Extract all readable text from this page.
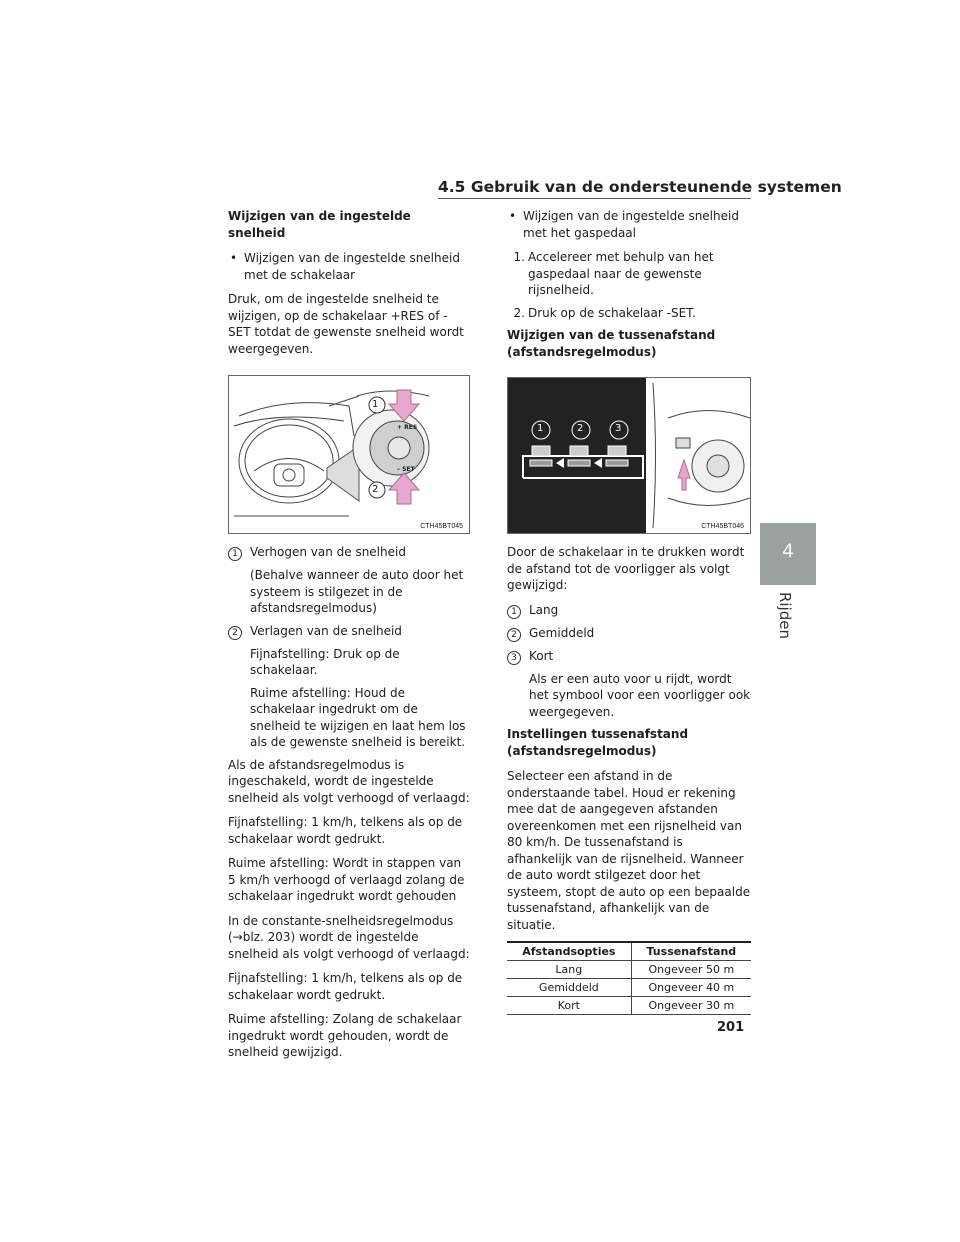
4.5 Gebruik van de ondersteunende systemen
4
Rijden
Wijzigen van de ingestelde snelheid
• Wijzigen van de ingestelde snelheid met de schakelaar
Druk, om de ingestelde snelheid te wijzigen, op de schakelaar +RES of -SET totdat de gewenste snelheid wordt weergegeven.
1
2
+ RES
– SET
CTH45BT045
1	Verhogen van de snelheid
(Behalve wanneer de auto door het systeem is stilgezet in de afstandsregelmodus)
2	Verlagen van de snelheid
Fijnafstelling: Druk op de schakelaar.
Ruime afstelling: Houd de schakelaar ingedrukt om de snelheid te wijzigen en laat hem los als de gewenste snelheid is bereikt.
Als de afstandsregelmodus is ingeschakeld, wordt de ingestelde snelheid als volgt verhoogd of verlaagd:
Fijnafstelling: 1 km/h, telkens als op de schakelaar wordt gedrukt.
Ruime afstelling: Wordt in stappen van 5 km/h verhoogd of verlaagd zolang de schakelaar ingedrukt wordt gehouden
In de constante-snelheidsregelmodus (→blz. 203) wordt de ingestelde snelheid als volgt verhoogd of verlaagd:
Fijnafstelling: 1 km/h, telkens als op de schakelaar wordt gedrukt.
Ruime afstelling: Zolang de schakelaar ingedrukt wordt gehouden, wordt de snelheid gewijzigd.
• Wijzigen van de ingestelde snelheid met het gaspedaal
1. Accelereer met behulp van het gaspedaal naar de gewenste rijsnelheid.
2. Druk op de schakelaar -SET.
Wijzigen van de tussenafstand (afstandsregelmodus)
1	2	3
CTH45BT046
Door de schakelaar in te drukken wordt de afstand tot de voorligger als volgt gewijzigd:
1	Lang
2	Gemiddeld
3	Kort
Als er een auto voor u rijdt, wordt het symbool voor een voorligger ook weergegeven.
Instellingen tussenafstand (afstandsregelmodus)
Selecteer een afstand in de onderstaande tabel. Houd er rekening mee dat de aangegeven afstanden overeenkomen met een rijsnelheid van 80 km/h. De tussenafstand is afhankelijk van de rijsnelheid. Wanneer de auto wordt stilgezet door het systeem, stopt de auto op een bepaalde tussenafstand, afhankelijk van de situatie.
Afstandsopties	Tussenafstand
Lang	Ongeveer 50 m
Gemiddeld	Ongeveer 40 m
Kort	Ongeveer 30 m
201
